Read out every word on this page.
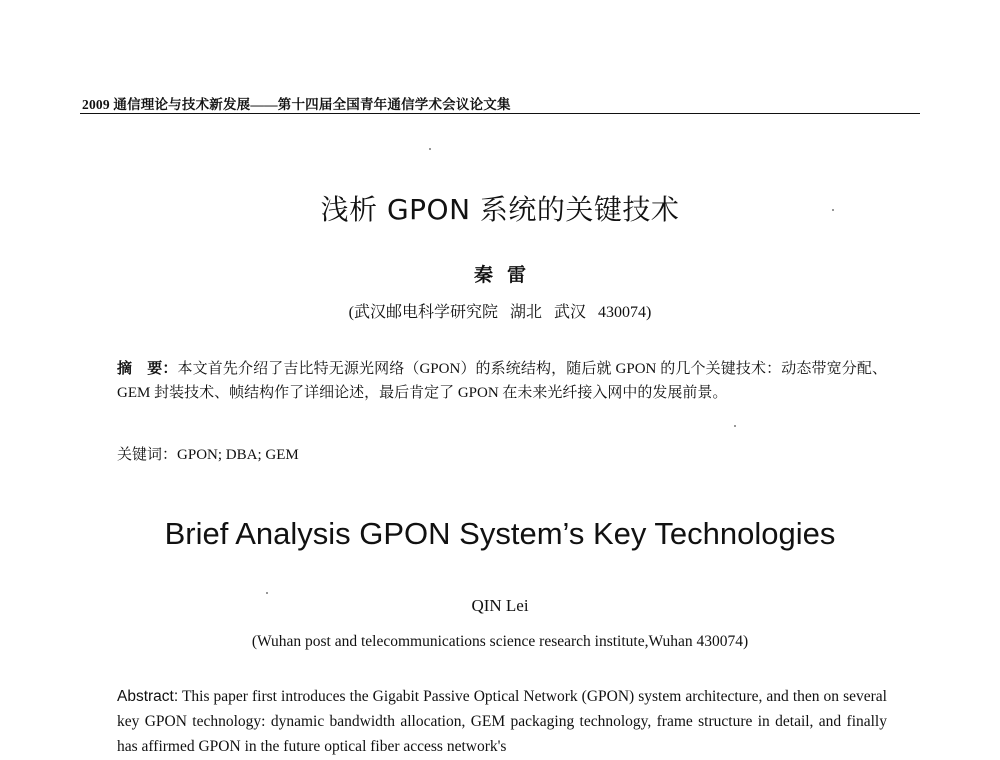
2009 通信理论与技术新发展——第十四届全国青年通信学术会议论文集
浅析 GPON 系统的关键技术
秦雷
(武汉邮电科学研究院   湖北   武汉   430074)
摘　要：本文首先介绍了吉比特无源光网络（GPON）的系统结构，随后就 GPON 的几个关键技术：动态带宽分配、GEM 封装技术、帧结构作了详细论述，最后肯定了 GPON 在未来光纤接入网中的发展前景。
关键词：GPON; DBA; GEM
Brief Analysis GPON System’s Key Technologies
QIN Lei
(Wuhan post and telecommunications science research institute,Wuhan 430074)
Abstract: This paper first introduces the Gigabit Passive Optical Network (GPON) system architecture, and then on several key GPON technology: dynamic bandwidth allocation, GEM packaging technology, frame structure in detail, and finally has affirmed GPON in the future optical fiber access network's
